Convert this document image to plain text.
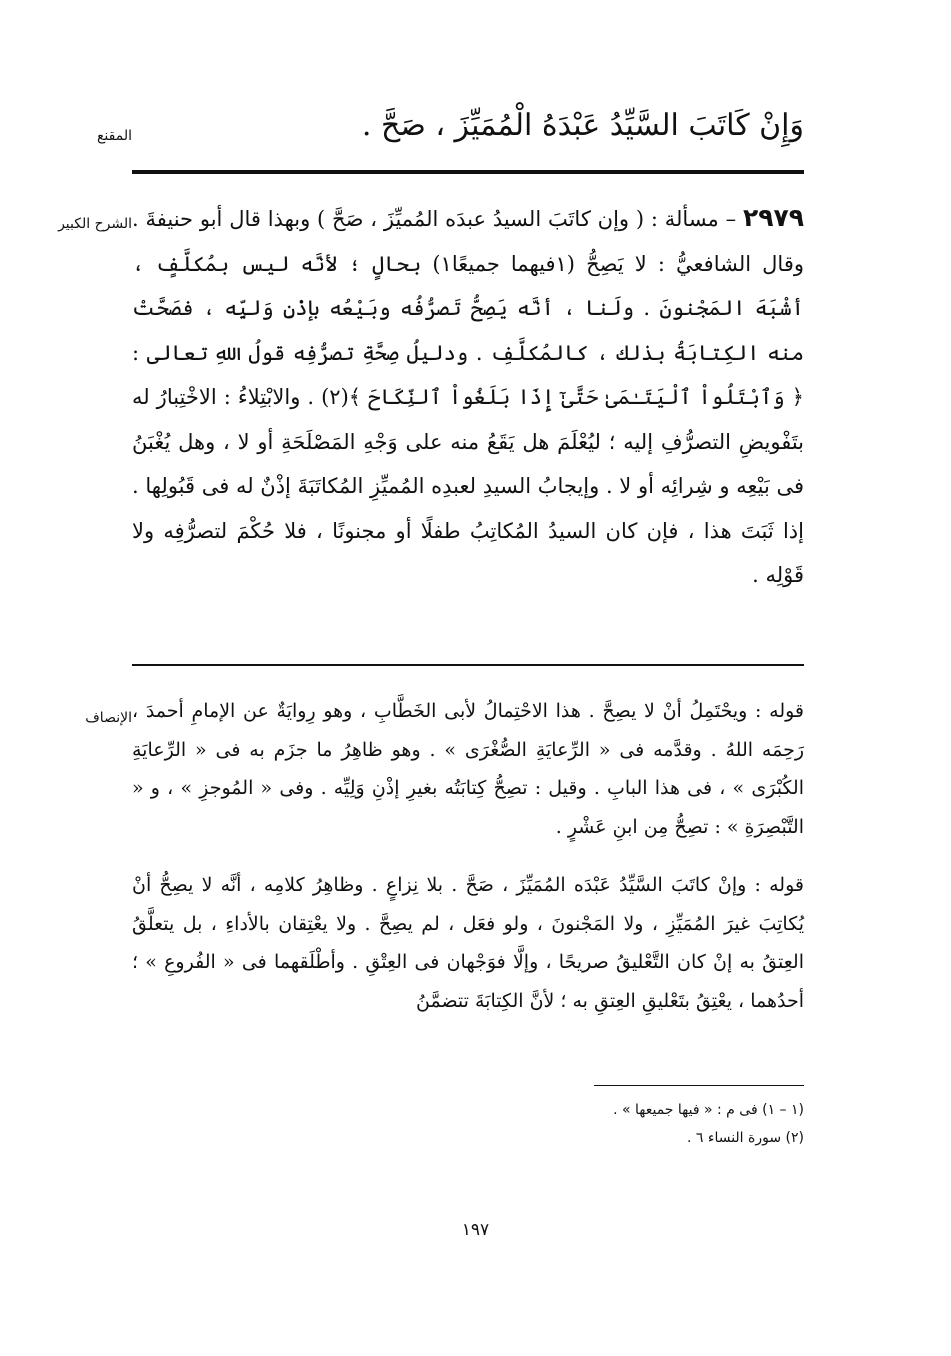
المقنع	وَإِنْ كَاتَبَ السَّيِّدُ عَبْدَهُ الْمُمَيِّزَ ، صَحَّ .
الشرح الكبير	٢٩٧٩ – مسألة : ( وإن كاتَبَ السيدُ عبدَه المُميِّزَ ، صَحَّ ) وبهذا قال أبو حنيفةَ . وقال الشافعيُّ : لا يَصِحُّ (١فيهما جميعًا١) بحالٍ ؛ لأنَّه ليس بمُكلَّفٍ ، أشْبَهَ المَجْنونَ . ولَنا ، أنَّه يَصِحُّ تَصرُّفُه وبَيْعُه بإذْنِ وَليِّه ، فصَحَّتْ منه الكِتابَةُ بذلك ، كالمُكلَّفِ . ودليلُ صِحَّةِ تصرُّفِه قولُ اللهِ تعالى : ﴿ وَٱبْتَلُواْ ٱلْيَتَـٰمَىٰ حَتَّىٰٓ إِذَا بَلَغُواْ ٱلنِّكَاحَ ﴾(٢) . والابْتِلاءُ : الاخْتِبارُ له بتَفْويضِ التصرُّفِ إليه ؛ ليُعْلَمَ هل يَقَعُ منه على وَجْهِ المَصْلَحَةِ أو لا ، وهل يُغْبَنُ فى بَيْعِه و شِرائِه أو لا . وإيجابُ السيدِ لعبدِه المُميِّزِ المُكاتَبَةَ إذْنٌ له فى قَبُولِها . إذا ثَبَتَ هذا ، فإن كان السيدُ المُكاتِبُ طفلًا أو مجنونًا ، فلا حُكْمَ لتصرُّفِه ولا قَوْلِه .

الإنصاف قوله : ويحْتَمِلُ أنْ لا يصِحَّ . هذا الاحْتِمالُ لأبى الخَطَّابِ ، وهو رِوايَةٌ عن الإمامِ أحمدَ ، رَحِمَه اللهُ . وقدَّمه فى « الرِّعايَةِ الصُّغْرَى » . وهو ظاهِرُ ما جزَم به فى « الرِّعايَةِ الكُبْرَى » ، فى هذا البابِ . وقيل : تصِحُّ كِتابَتُه بغيرِ إذْنِ وَلِيِّه . وفى « المُوجزِ » ، و « التَّبْصِرَةِ » : تصِحُّ مِن ابنِ عَشْرٍ .

قوله : وإنْ كاتَبَ السَّيِّدُ عَبْدَه المُمَيِّزَ ، صَحَّ . بلا نِزاعٍ . وظاهِرُ كلامِه ، أنَّه لا يصِحُّ أنْ يُكاتِبَ غيرَ المُمَيِّزِ ، ولا المَجْنونَ ، ولو فعَل ، لم يصِحَّ . ولا يعْتِقان بالأداءِ ، بل يتعلَّقُ العِتقُ به إنْ كان التَّعْليقُ صريحًا ، وإلَّا فوَجْهان فى العِتْقِ . وأطْلَقهما فى « الفُروعِ » ؛ أحدُهما ، يعْتِقُ بتَعْليقِ العِتقِ به ؛ لأنَّ الكِتابَةَ تتضمَّنُ

(١ – ١) فى م : « فيها جميعها » .
(٢) سورة النساء ٦ .
١٩٧
